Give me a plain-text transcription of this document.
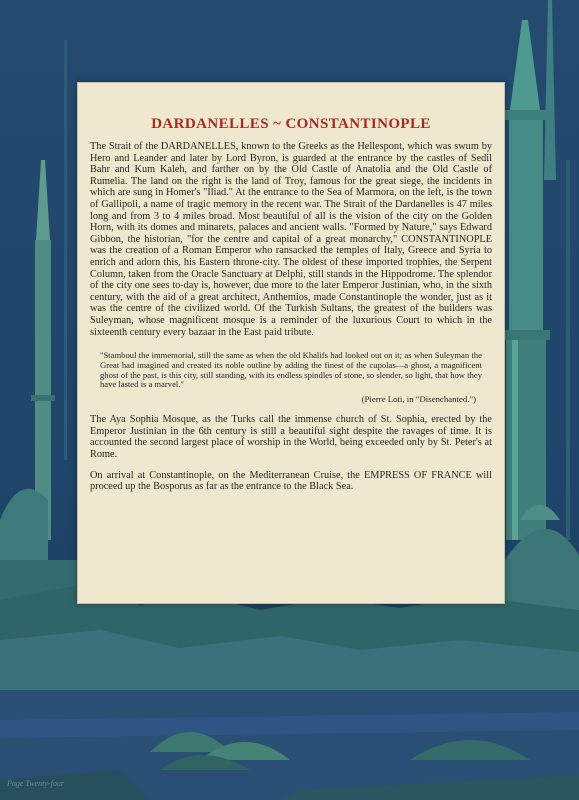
DARDANELLES ~ CONSTANTINOPLE

The Strait of the DARDANELLES, known to the Greeks as the Hellespont, which was swum by Hero and Leander and later by Lord Byron, is guarded at the entrance by the castles of Sedil Bahr and Kum Kaleh, and farther on by the Old Castle of Anatolia and the Old Castle of Rumelia. The land on the right is the land of Troy, famous for the great siege, the incidents in which are sung in Homer's "Iliad." At the entrance to the Sea of Marmora, on the left, is the town of Gallipoli, a name of tragic memory in the recent war. The Strait of the Dardanelles is 47 miles long and from 3 to 4 miles broad. Most beautiful of all is the vision of the city on the Golden Horn, with its domes and minarets, palaces and ancient walls. "Formed by Nature," says Edward Gibbon, the historian, "for the centre and capital of a great monarchy," CONSTANTINOPLE was the creation of a Roman Emperor who ransacked the temples of Italy, Greece and Syria to enrich and adorn this, his Eastern throne-city. The oldest of these imported trophies, the Serpent Column, taken from the Oracle Sanctuary at Delphi, still stands in the Hippodrome. The splendor of the city one sees to-day is, however, due more to the later Emperor Justinian, who, in the sixth century, with the aid of a great architect, Anthemios, made Constantinople the wonder, just as it was the centre of the civilized world. Of the Turkish Sultans, the greatest of the builders was Suleyman, whose magnificent mosque is a reminder of the luxurious Court to which in the sixteenth century every bazaar in the East paid tribute.

"Stamboul the immemorial, still the same as when the old Khalifs had looked out on it; as when Suleyman the Great had imagined and created its noble outline by adding the finest of the cupolas—a ghost, a magnificent ghost of the past, is this city, still standing, with its endless spindles of stone, so slender, so light, that how they have lasted is a marvel."

(Pierre Loti, in "Disenchanted.")

The Aya Sophia Mosque, as the Turks call the immense church of St. Sophia, erected by the Emperor Justinian in the 6th century is still a beautiful sight despite the ravages of time. It is accounted the second largest place of worship in the World, being exceeded only by St. Peter's at Rome.

On arrival at Constantinople, on the Mediterranean Cruise, the EMPRESS OF FRANCE will proceed up the Bosporus as far as the entrance to the Black Sea.

Page Twenty-four
